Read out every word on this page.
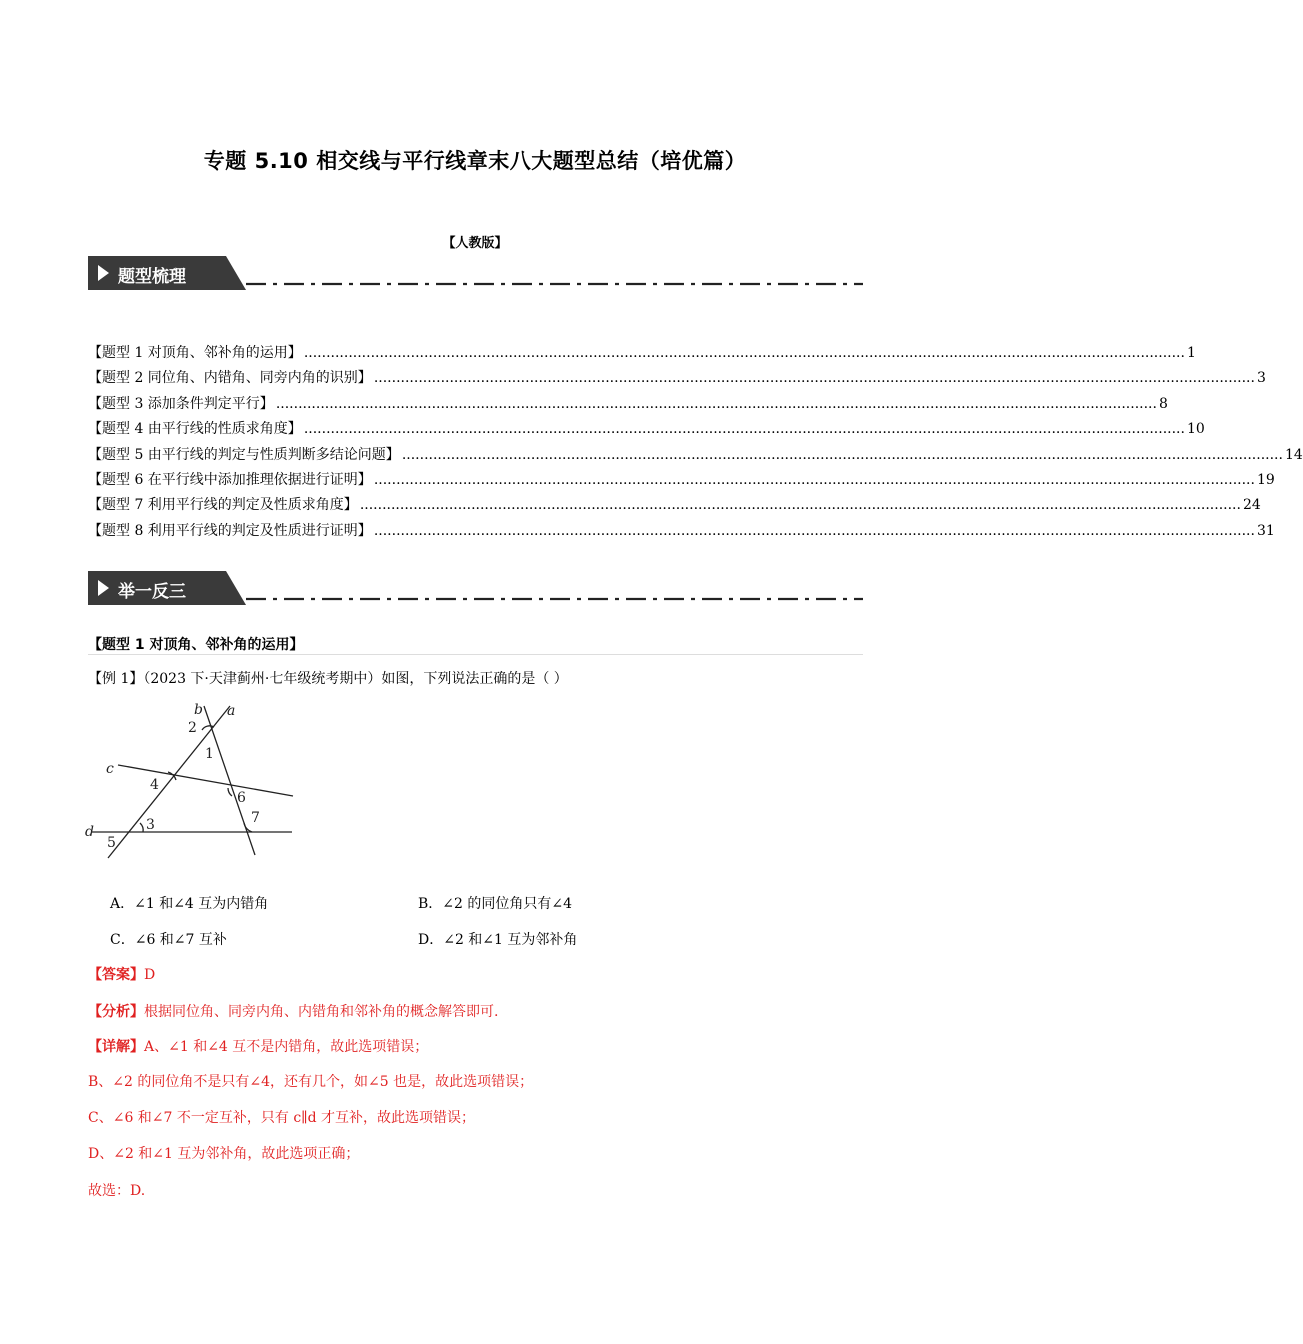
专题 5.10 相交线与平行线章末八大题型总结（培优篇）
【人教版】
题型梳理
【题型 1 对顶角、邻补角的运用】 ...................................................................................................................................................................................................... 1
【题型 2 同位角、内错角、同旁内角的识别】 ...................................................................................................................................................................................................... 3
【题型 3 添加条件判定平行】 ...................................................................................................................................................................................................... 8
【题型 4 由平行线的性质求角度】 ...................................................................................................................................................................................................... 10
【题型 5 由平行线的判定与性质判断多结论问题】 ...................................................................................................................................................................................................... 14
【题型 6 在平行线中添加推理依据进行证明】 ...................................................................................................................................................................................................... 19
【题型 7 利用平行线的判定及性质求角度】 ...................................................................................................................................................................................................... 24
【题型 8 利用平行线的判定及性质进行证明】 ...................................................................................................................................................................................................... 31
举一反三
【题型 1 对顶角、邻补角的运用】
【例 1】（2023 下·天津蓟州·七年级统考期中）如图，下列说法正确的是（ ）
b a
c
d
2
1
4
6
7
3
5
A．∠1 和∠4 互为内错角	B．∠2 的同位角只有∠4
C．∠6 和∠7 互补	D．∠2 和∠1 互为邻补角
【答案】D
【分析】根据同位角、同旁内角、内错角和邻补角的概念解答即可.
【详解】A、∠1 和∠4 互不是内错角，故此选项错误；
B、∠2 的同位角不是只有∠4，还有几个，如∠5 也是，故此选项错误；
C、∠6 和∠7 不一定互补，只有 c∥d 才互补，故此选项错误；
D、∠2 和∠1 互为邻补角，故此选项正确；
故选：D.
